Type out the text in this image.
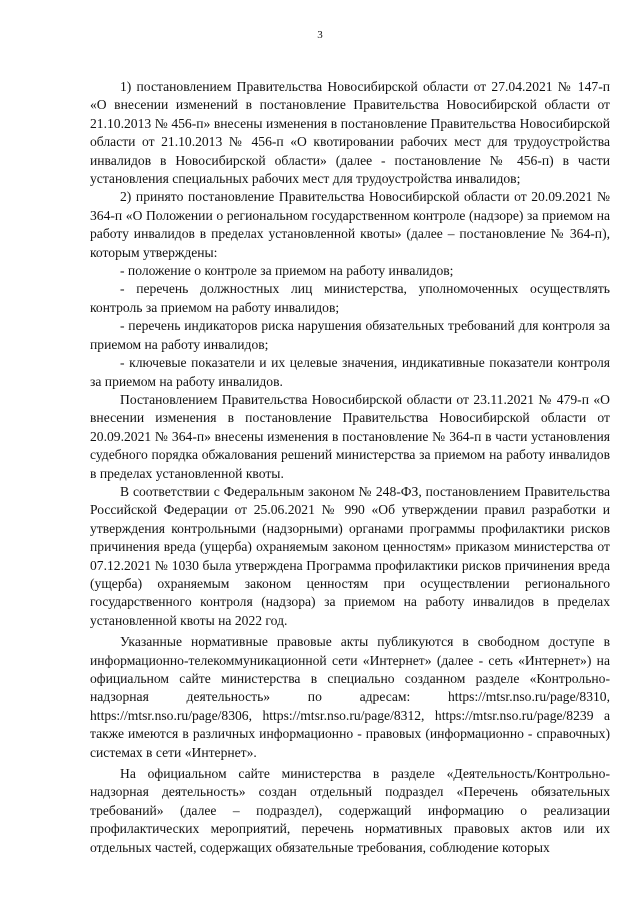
3

1) постановлением Правительства Новосибирской области от 27.04.2021 № 147-п «О внесении изменений в постановление Правительства Новосибирской области от 21.10.2013 № 456-п» внесены изменения в постановление Правительства Новосибирской области от 21.10.2013 № 456-п «О квотировании рабочих мест для трудоустройства инвалидов в Новосибирской области» (далее - постановление № 456-п) в части установления специальных рабочих мест для трудоустройства инвалидов;

2) принято постановление Правительства Новосибирской области от 20.09.2021 № 364-п «О Положении о региональном государственном контроле (надзоре) за приемом на работу инвалидов в пределах установленной квоты» (далее – постановление № 364-п), которым утверждены:

- положение о контроле за приемом на работу инвалидов;

- перечень должностных лиц министерства, уполномоченных осуществлять контроль за приемом на работу инвалидов;

- перечень индикаторов риска нарушения обязательных требований для контроля за приемом на работу инвалидов;

- ключевые показатели и их целевые значения, индикативные показатели контроля за приемом на работу инвалидов.

Постановлением Правительства Новосибирской области от 23.11.2021 № 479-п «О внесении изменения в постановление Правительства Новосибирской области от 20.09.2021 № 364-п» внесены изменения в постановление № 364-п в части установления судебного порядка обжалования решений министерства за приемом на работу инвалидов в пределах установленной квоты.

В соответствии с Федеральным законом № 248-ФЗ, постановлением Правительства Российской Федерации от 25.06.2021 № 990 «Об утверждении правил разработки и утверждения контрольными (надзорными) органами программы профилактики рисков причинения вреда (ущерба) охраняемым законом ценностям» приказом министерства от 07.12.2021 № 1030 была утверждена Программа профилактики рисков причинения вреда (ущерба) охраняемым законом ценностям при осуществлении регионального государственного контроля (надзора) за приемом на работу инвалидов в пределах установленной квоты на 2022 год.

Указанные нормативные правовые акты публикуются в свободном доступе в информационно-телекоммуникационной сети «Интернет» (далее - сеть «Интернет») на официальном сайте министерства в специально созданном разделе «Контрольно-надзорная деятельность» по адресам: https://mtsr.nso.ru/page/8310, https://mtsr.nso.ru/page/8306, https://mtsr.nso.ru/page/8312, https://mtsr.nso.ru/page/8239 а также имеются в различных информационно - правовых (информационно - справочных) системах в сети «Интернет».

На официальном сайте министерства в разделе «Деятельность/Контрольно-надзорная деятельность» создан отдельный подраздел «Перечень обязательных требований» (далее – подраздел), содержащий информацию о реализации профилактических мероприятий, перечень нормативных правовых актов или их отдельных частей, содержащих обязательные требования, соблюдение которых
